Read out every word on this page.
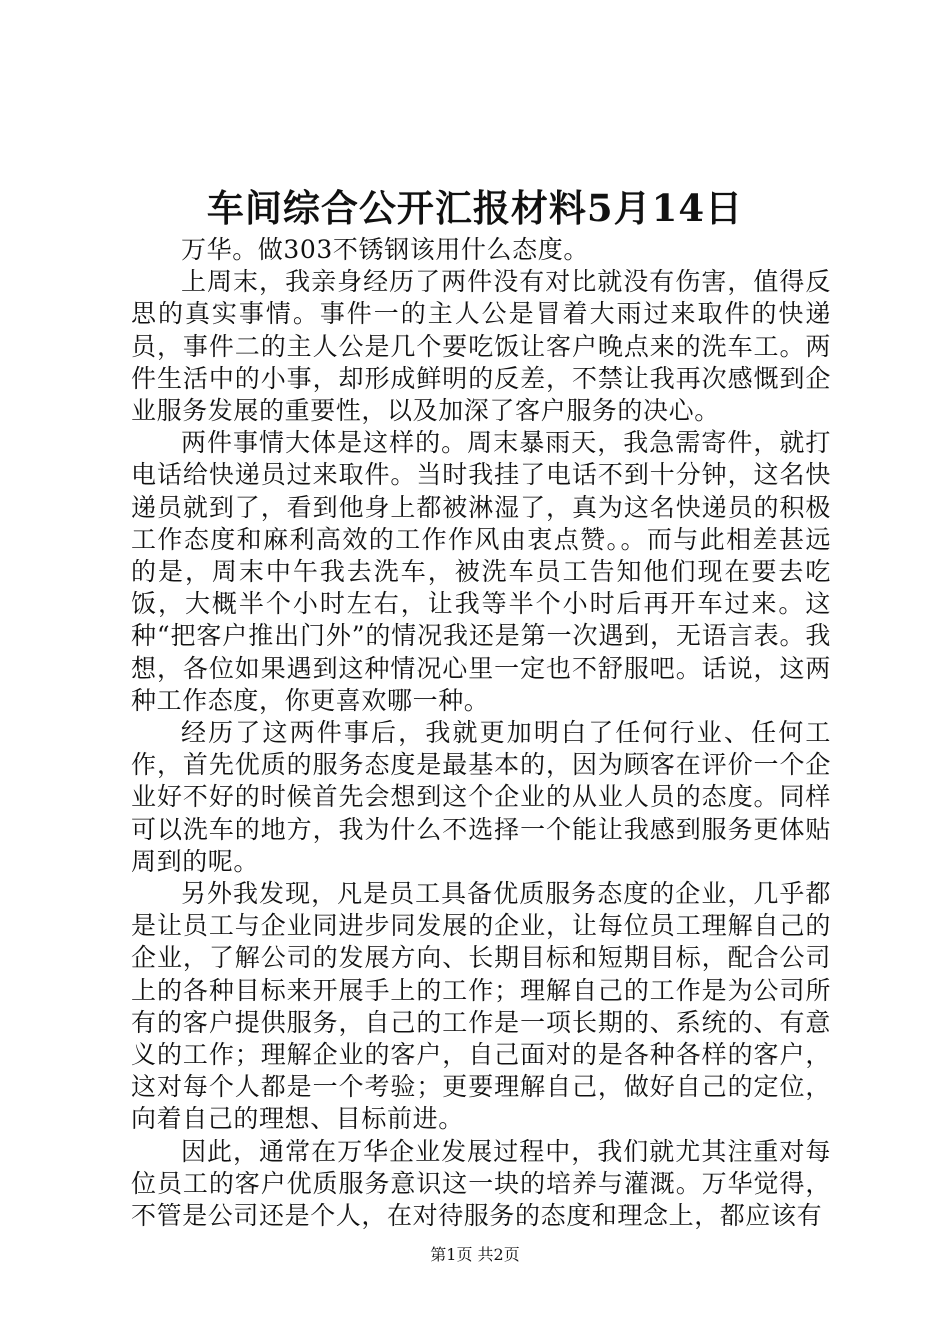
车间综合公开汇报材料5月14日

万华。做303不锈钢该用什么态度。

上周末，我亲身经历了两件没有对比就没有伤害，值得反思的真实事情。事件一的主人公是冒着大雨过来取件的快递员，事件二的主人公是几个要吃饭让客户晚点来的洗车工。两件生活中的小事，却形成鲜明的反差，不禁让我再次感慨到企业服务发展的重要性，以及加深了客户服务的决心。

两件事情大体是这样的。周末暴雨天，我急需寄件，就打电话给快递员过来取件。当时我挂了电话不到十分钟，这名快递员就到了，看到他身上都被淋湿了，真为这名快递员的积极工作态度和麻利高效的工作作风由衷点赞。。而与此相差甚远的是，周末中午我去洗车，被洗车员工告知他们现在要去吃饭，大概半个小时左右，让我等半个小时后再开车过来。这种“把客户推出门外”的情况我还是第一次遇到，无语言表。我想，各位如果遇到这种情况心里一定也不舒服吧。话说，这两种工作态度，你更喜欢哪一种。

经历了这两件事后，我就更加明白了任何行业、任何工作，首先优质的服务态度是最基本的，因为顾客在评价一个企业好不好的时候首先会想到这个企业的从业人员的态度。同样可以洗车的地方，我为什么不选择一个能让我感到服务更体贴周到的呢。

另外我发现，凡是员工具备优质服务态度的企业，几乎都是让员工与企业同进步同发展的企业，让每位员工理解自己的企业，了解公司的发展方向、长期目标和短期目标，配合公司上的各种目标来开展手上的工作；理解自己的工作是为公司所有的客户提供服务，自己的工作是一项长期的、系统的、有意义的工作；理解企业的客户，自己面对的是各种各样的客户，这对每个人都是一个考验；更要理解自己，做好自己的定位，向着自己的理想、目标前进。

因此，通常在万华企业发展过程中，我们就尤其注重对每位员工的客户优质服务意识这一块的培养与灌溉。万华觉得，不管是公司还是个人，在对待服务的态度和理念上，都应该有

第1页 共2页
